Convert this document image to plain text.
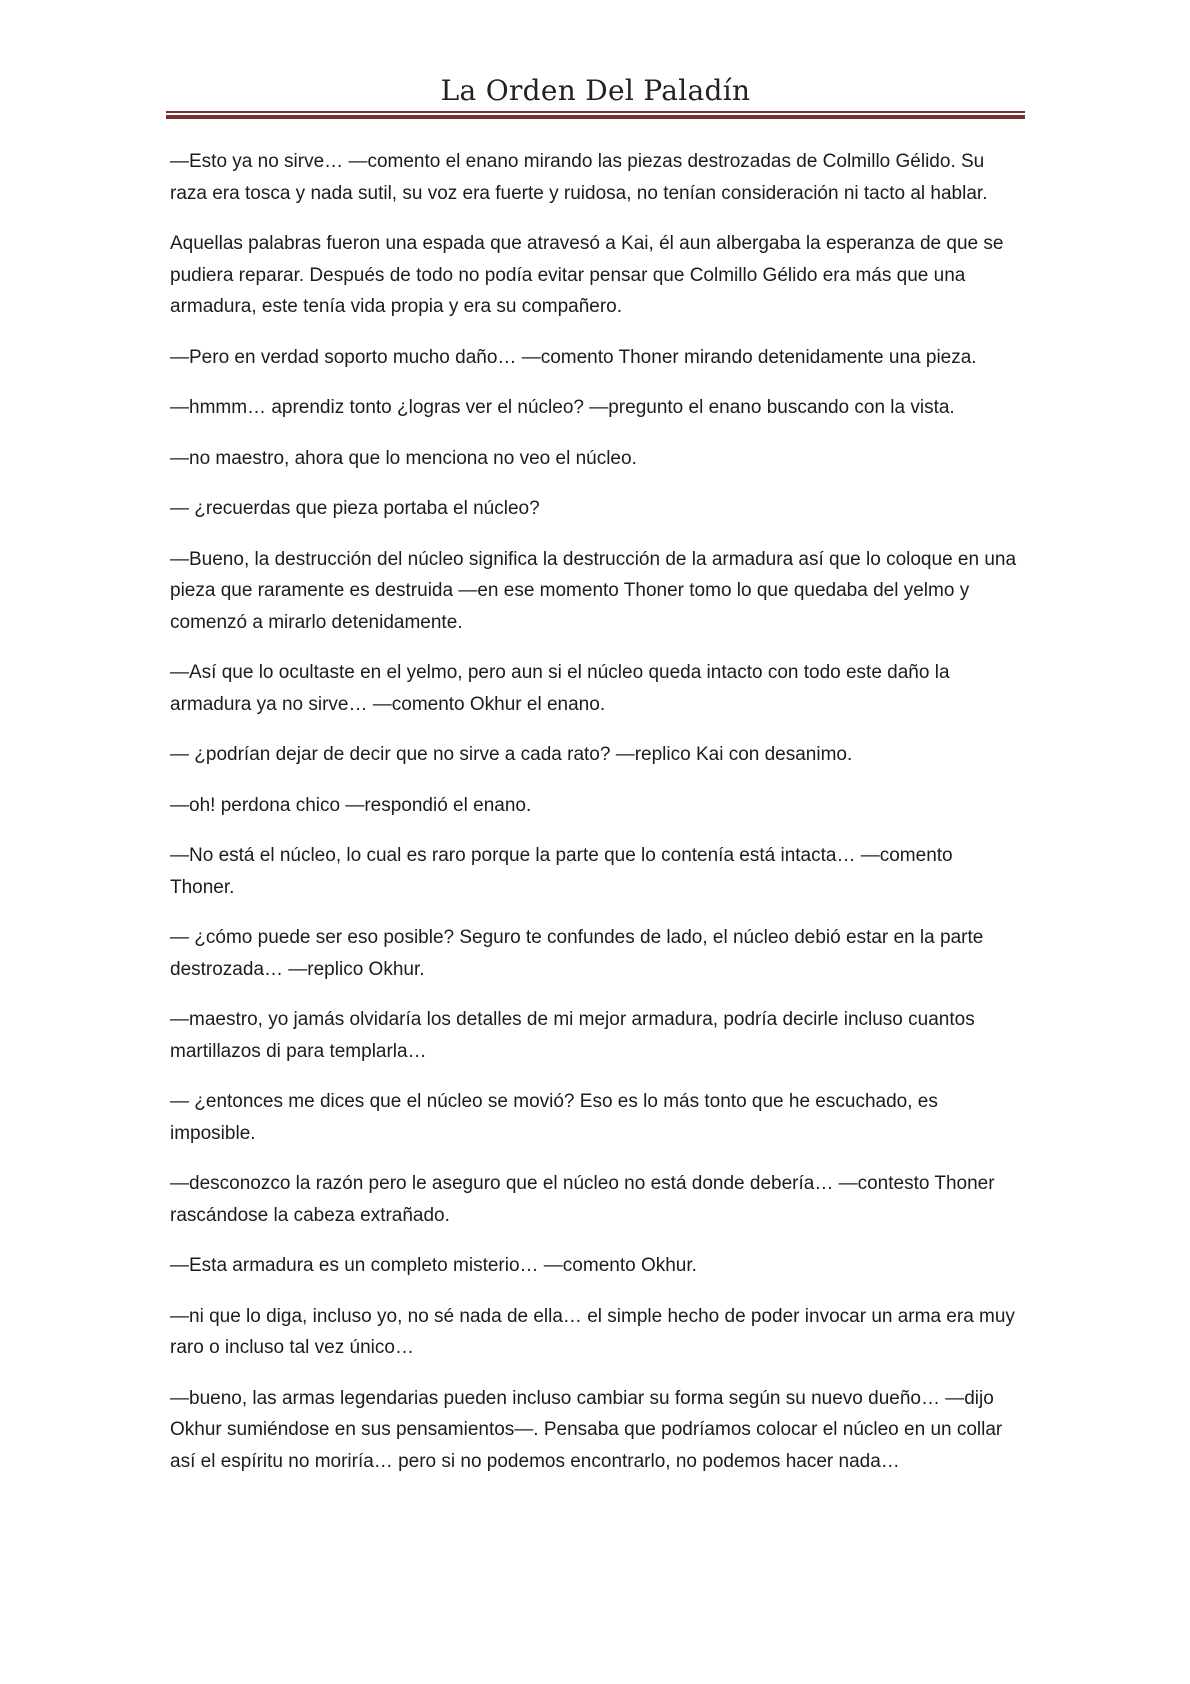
La Orden Del Paladín

—Esto ya no sirve… —comento el enano mirando las piezas destrozadas de Colmillo Gélido. Su raza era tosca y nada sutil, su voz era fuerte y ruidosa, no tenían consideración ni tacto al hablar.

Aquellas palabras fueron una espada que atravesó a Kai, él aun albergaba la esperanza de que se pudiera reparar. Después de todo no podía evitar pensar que Colmillo Gélido era más que una armadura, este tenía vida propia y era su compañero.

—Pero en verdad soporto mucho daño… —comento Thoner mirando detenidamente una pieza.

—hmmm… aprendiz tonto ¿logras ver el núcleo? —pregunto el enano buscando con la vista.

—no maestro, ahora que lo menciona no veo el núcleo.

— ¿recuerdas que pieza portaba el núcleo?

—Bueno, la destrucción del núcleo significa la destrucción de la armadura así que lo coloque en una pieza que raramente es destruida —en ese momento Thoner tomo lo que quedaba del yelmo y comenzó a mirarlo detenidamente.

—Así que lo ocultaste en el yelmo, pero aun si el núcleo queda intacto con todo este daño la armadura ya no sirve… —comento Okhur el enano.

— ¿podrían dejar de decir que no sirve a cada rato? —replico Kai con desanimo.

—oh! perdona chico —respondió el enano.

—No está el núcleo, lo cual es raro porque la parte que lo contenía está intacta… —comento Thoner.

— ¿cómo puede ser eso posible? Seguro te confundes de lado, el núcleo debió estar en la parte destrozada… —replico Okhur.

—maestro, yo jamás olvidaría los detalles de mi mejor armadura, podría decirle incluso cuantos martillazos di para templarla…

— ¿entonces me dices que el núcleo se movió? Eso es lo más tonto que he escuchado, es imposible.

—desconozco la razón pero le aseguro que el núcleo no está donde debería… —contesto Thoner rascándose la cabeza extrañado.

—Esta armadura es un completo misterio… —comento Okhur.

—ni que lo diga, incluso yo, no sé nada de ella… el simple hecho de poder invocar un arma era muy raro o incluso tal vez único…

—bueno, las armas legendarias pueden incluso cambiar su forma según su nuevo dueño… —dijo Okhur sumiéndose en sus pensamientos—. Pensaba que podríamos colocar el núcleo en un collar así el espíritu no moriría… pero si no podemos encontrarlo, no podemos hacer nada…
